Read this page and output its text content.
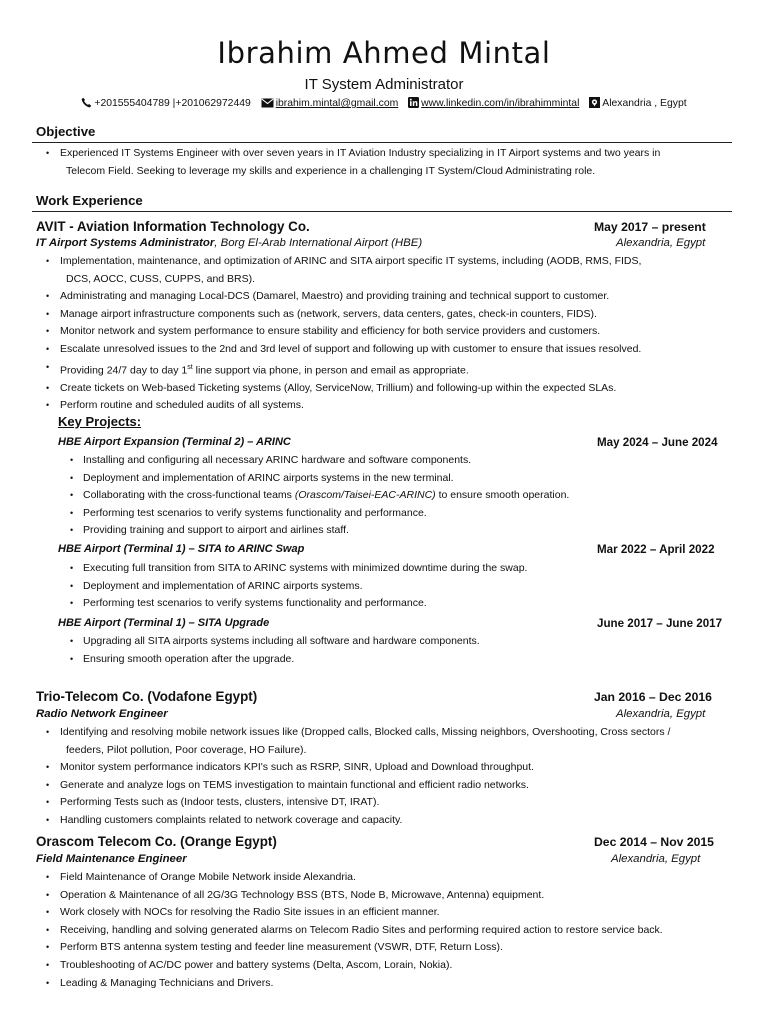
Ibrahim Ahmed Mintal
IT System Administrator
+201555404789 |+201062972449 ibrahim.mintal@gmail.com www.linkedin.com/in/ibrahimmintal Alexandria , Egypt
Objective
• Experienced IT Systems Engineer with over seven years in IT Aviation Industry specializing in IT Airport systems and two years in
Telecom Field. Seeking to leverage my skills and experience in a challenging IT System/Cloud Administrating role.
Work Experience
AVIT - Aviation Information Technology Co.	May 2017 – present
IT Airport Systems Administrator, Borg El-Arab International Airport (HBE)	Alexandria, Egypt
• Implementation, maintenance, and optimization of ARINC and SITA airport specific IT systems, including (AODB, RMS, FIDS,
DCS, AOCC, CUSS, CUPPS, and BRS).
• Administrating and managing Local-DCS (Damarel, Maestro) and providing training and technical support to customer.
• Manage airport infrastructure components such as (network, servers, data centers, gates, check-in counters, FIDS).
• Monitor network and system performance to ensure stability and efficiency for both service providers and customers.
• Escalate unresolved issues to the 2nd and 3rd level of support and following up with customer to ensure that issues resolved.
• Providing 24/7 day to day 1st line support via phone, in person and email as appropriate.
• Create tickets on Web-based Ticketing systems (Alloy, ServiceNow, Trillium) and following-up within the expected SLAs.
• Perform routine and scheduled audits of all systems.
Key Projects:
HBE Airport Expansion (Terminal 2) – ARINC	May 2024 – June 2024
• Installing and configuring all necessary ARINC hardware and software components.
• Deployment and implementation of ARINC airports systems in the new terminal.
• Collaborating with the cross-functional teams (Orascom/Taisei-EAC-ARINC) to ensure smooth operation.
• Performing test scenarios to verify systems functionality and performance.
• Providing training and support to airport and airlines staff.
HBE Airport (Terminal 1) – SITA to ARINC Swap	Mar 2022 – April 2022
• Executing full transition from SITA to ARINC systems with minimized downtime during the swap.
• Deployment and implementation of ARINC airports systems.
• Performing test scenarios to verify systems functionality and performance.
HBE Airport (Terminal 1) – SITA Upgrade	June 2017 – June 2017
• Upgrading all SITA airports systems including all software and hardware components.
• Ensuring smooth operation after the upgrade.
Trio-Telecom Co. (Vodafone Egypt)	Jan 2016 – Dec 2016
Radio Network Engineer	Alexandria, Egypt
• Identifying and resolving mobile network issues like (Dropped calls, Blocked calls, Missing neighbors, Overshooting, Cross sectors /
feeders, Pilot pollution, Poor coverage, HO Failure).
• Monitor system performance indicators KPI's such as RSRP, SINR, Upload and Download throughput.
• Generate and analyze logs on TEMS investigation to maintain functional and efficient radio networks.
• Performing Tests such as (Indoor tests, clusters, intensive DT, IRAT).
• Handling customers complaints related to network coverage and capacity.
Orascom Telecom Co. (Orange Egypt)	Dec 2014 – Nov 2015
Field Maintenance Engineer	Alexandria, Egypt
• Field Maintenance of Orange Mobile Network inside Alexandria.
• Operation & Maintenance of all 2G/3G Technology BSS (BTS, Node B, Microwave, Antenna) equipment.
• Work closely with NOCs for resolving the Radio Site issues in an efficient manner.
• Receiving, handling and solving generated alarms on Telecom Radio Sites and performing required action to restore service back.
• Perform BTS antenna system testing and feeder line measurement (VSWR, DTF, Return Loss).
• Troubleshooting of AC/DC power and battery systems (Delta, Ascom, Lorain, Nokia).
• Leading & Managing Technicians and Drivers.
